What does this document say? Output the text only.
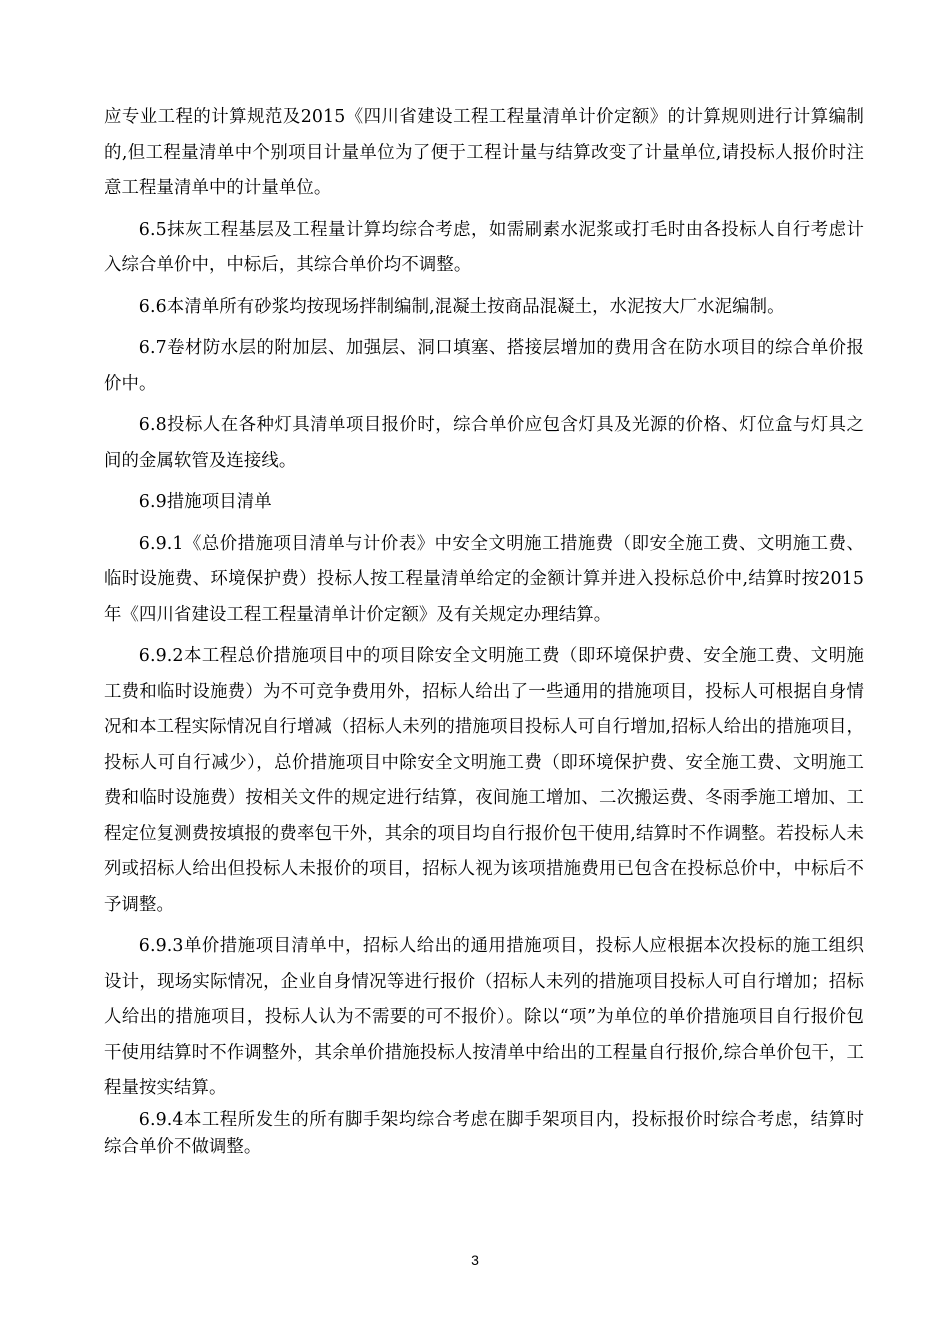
应专业工程的计算规范及2015《四川省建设工程工程量清单计价定额》的计算规则进行计算编制的,但工程量清单中个别项目计量单位为了便于工程计量与结算改变了计量单位,请投标人报价时注意工程量清单中的计量单位。

6.5抹灰工程基层及工程量计算均综合考虑，如需刷素水泥浆或打毛时由各投标人自行考虑计入综合单价中，中标后，其综合单价均不调整。

6.6本清单所有砂浆均按现场拌制编制,混凝土按商品混凝土，水泥按大厂水泥编制。

6.7卷材防水层的附加层、加强层、洞口填塞、搭接层增加的费用含在防水项目的综合单价报价中。

6.8投标人在各种灯具清单项目报价时，综合单价应包含灯具及光源的价格、灯位盒与灯具之间的金属软管及连接线。

6.9措施项目清单

6.9.1《总价措施项目清单与计价表》中安全文明施工措施费（即安全施工费、文明施工费、临时设施费、环境保护费）投标人按工程量清单给定的金额计算并进入投标总价中,结算时按2015年《四川省建设工程工程量清单计价定额》及有关规定办理结算。

6.9.2本工程总价措施项目中的项目除安全文明施工费（即环境保护费、安全施工费、文明施工费和临时设施费）为不可竞争费用外，招标人给出了一些通用的措施项目，投标人可根据自身情况和本工程实际情况自行增减（招标人未列的措施项目投标人可自行增加,招标人给出的措施项目，投标人可自行减少），总价措施项目中除安全文明施工费（即环境保护费、安全施工费、文明施工费和临时设施费）按相关文件的规定进行结算，夜间施工增加、二次搬运费、冬雨季施工增加、工程定位复测费按填报的费率包干外，其余的项目均自行报价包干使用,结算时不作调整。若投标人未列或招标人给出但投标人未报价的项目，招标人视为该项措施费用已包含在投标总价中，中标后不予调整。

6.9.3单价措施项目清单中，招标人给出的通用措施项目，投标人应根据本次投标的施工组织设计，现场实际情况，企业自身情况等进行报价（招标人未列的措施项目投标人可自行增加；招标人给出的措施项目，投标人认为不需要的可不报价）。除以“项”为单位的单价措施项目自行报价包干使用结算时不作调整外，其余单价措施投标人按清单中给出的工程量自行报价,综合单价包干，工程量按实结算。

6.9.4本工程所发生的所有脚手架均综合考虑在脚手架项目内，投标报价时综合考虑，结算时综合单价不做调整。

3
